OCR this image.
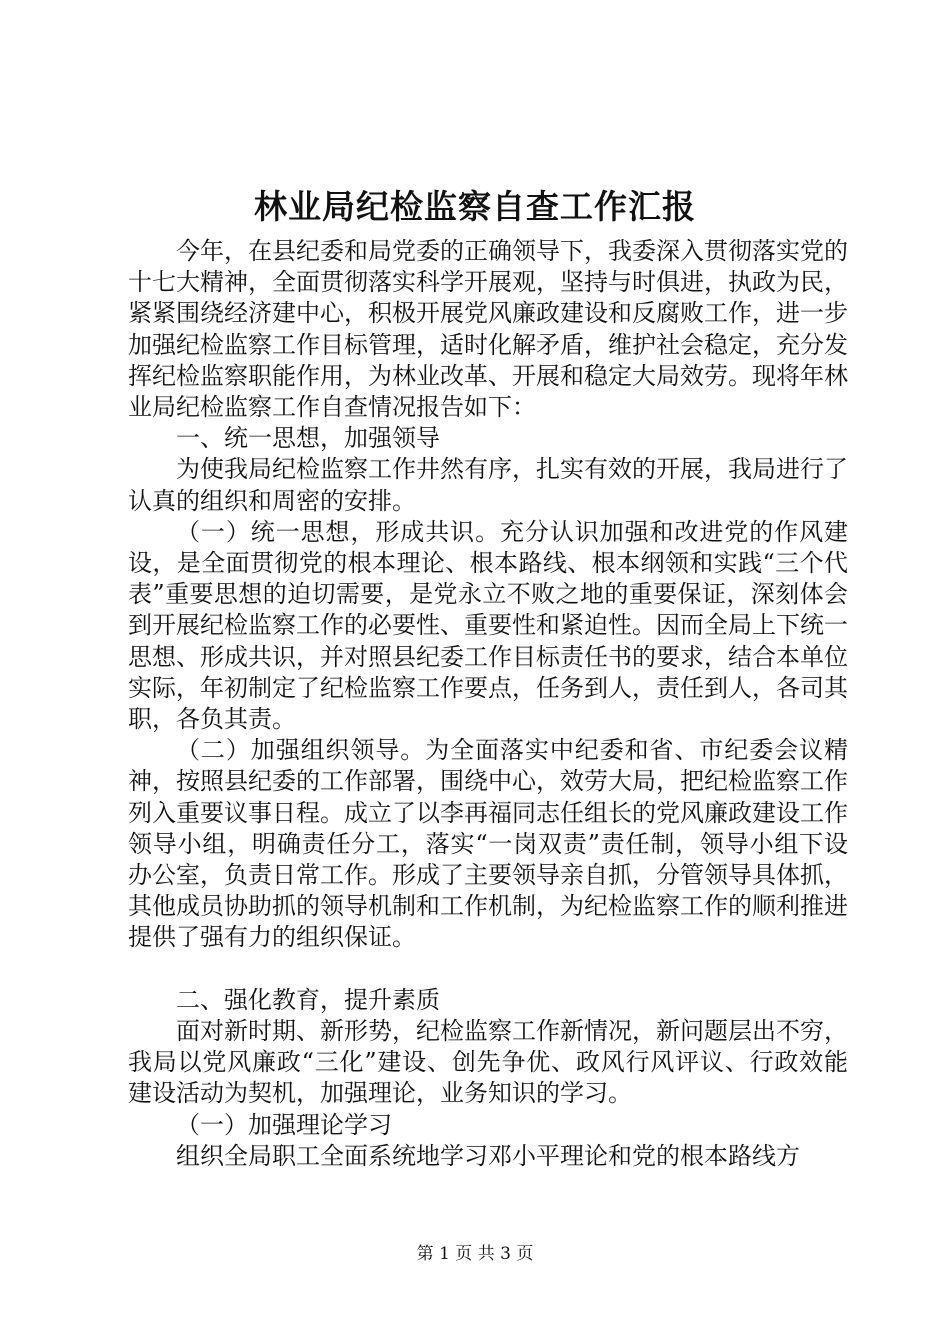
林业局纪检监察自查工作汇报

今年，在县纪委和局党委的正确领导下，我委深入贯彻落实党的十七大精神，全面贯彻落实科学开展观，坚持与时俱进，执政为民，紧紧围绕经济建中心，积极开展党风廉政建设和反腐败工作，进一步加强纪检监察工作目标管理，适时化解矛盾，维护社会稳定，充分发挥纪检监察职能作用，为林业改革、开展和稳定大局效劳。现将年林业局纪检监察工作自查情况报告如下：

一、统一思想，加强领导

为使我局纪检监察工作井然有序，扎实有效的开展，我局进行了认真的组织和周密的安排。

（一）统一思想，形成共识。充分认识加强和改进党的作风建设，是全面贯彻党的根本理论、根本路线、根本纲领和实践“三个代表”重要思想的迫切需要，是党永立不败之地的重要保证，深刻体会到开展纪检监察工作的必要性、重要性和紧迫性。因而全局上下统一思想、形成共识，并对照县纪委工作目标责任书的要求，结合本单位实际，年初制定了纪检监察工作要点，任务到人，责任到人，各司其职，各负其责。

（二）加强组织领导。为全面落实中纪委和省、市纪委会议精神，按照县纪委的工作部署，围绕中心，效劳大局，把纪检监察工作列入重要议事日程。成立了以李再福同志任组长的党风廉政建设工作领导小组，明确责任分工，落实“一岗双责”责任制，领导小组下设办公室，负责日常工作。形成了主要领导亲自抓，分管领导具体抓，其他成员协助抓的领导机制和工作机制，为纪检监察工作的顺利推进提供了强有力的组织保证。

二、强化教育，提升素质

面对新时期、新形势，纪检监察工作新情况，新问题层出不穷，我局以党风廉政“三化”建设、创先争优、政风行风评议、行政效能建设活动为契机，加强理论，业务知识的学习。

（一）加强理论学习

组织全局职工全面系统地学习邓小平理论和党的根本路线方

第 1 页 共 3 页
